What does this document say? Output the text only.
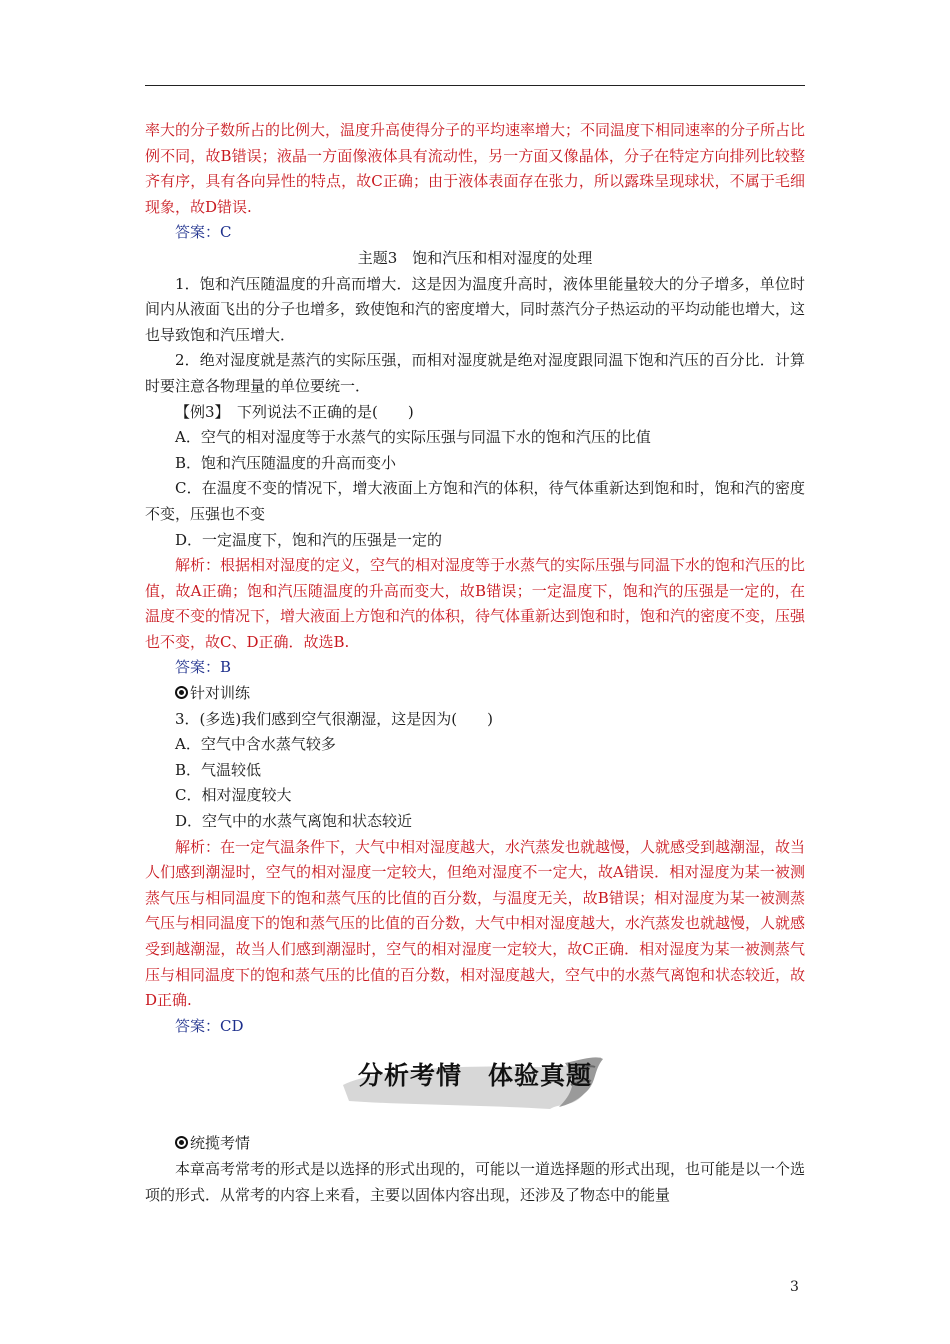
率大的分子数所占的比例大，温度升高使得分子的平均速率增大；不同温度下相同速率的分子所占比例不同，故B错误；液晶一方面像液体具有流动性，另一方面又像晶体，分子在特定方向排列比较整齐有序，具有各向异性的特点，故C正确；由于液体表面存在张力，所以露珠呈现球状，不属于毛细现象，故D错误.

答案：C

主题3　饱和汽压和相对湿度的处理

1．饱和汽压随温度的升高而增大．这是因为温度升高时，液体里能量较大的分子增多，单位时间内从液面飞出的分子也增多，致使饱和汽的密度增大，同时蒸汽分子热运动的平均动能也增大，这也导致饱和汽压增大．

2．绝对湿度就是蒸汽的实际压强，而相对湿度就是绝对湿度跟同温下饱和汽压的百分比．计算时要注意各物理量的单位要统一．

【例3】　下列说法不正确的是(　　)

A．空气的相对湿度等于水蒸气的实际压强与同温下水的饱和汽压的比值

B．饱和汽压随温度的升高而变小

C．在温度不变的情况下，增大液面上方饱和汽的体积，待气体重新达到饱和时，饱和汽的密度不变，压强也不变

D．一定温度下，饱和汽的压强是一定的

解析：根据相对湿度的定义，空气的相对湿度等于水蒸气的实际压强与同温下水的饱和汽压的比值，故A正确；饱和汽压随温度的升高而变大，故B错误；一定温度下，饱和汽的压强是一定的，在温度不变的情况下，增大液面上方饱和汽的体积，待气体重新达到饱和时，饱和汽的密度不变，压强也不变，故C、D正确．故选B.

答案：B

针对训练

3．(多选)我们感到空气很潮湿，这是因为(　　)

A．空气中含水蒸气较多

B．气温较低

C．相对湿度较大

D．空气中的水蒸气离饱和状态较近

解析：在一定气温条件下，大气中相对湿度越大，水汽蒸发也就越慢，人就感受到越潮湿，故当人们感到潮湿时，空气的相对湿度一定较大，但绝对湿度不一定大，故A错误．相对湿度为某一被测蒸气压与相同温度下的饱和蒸气压的比值的百分数，与温度无关，故B错误；相对湿度为某一被测蒸气压与相同温度下的饱和蒸气压的比值的百分数，大气中相对湿度越大，水汽蒸发也就越慢，人就感受到越潮湿，故当人们感到潮湿时，空气的相对湿度一定较大，故C正确．相对湿度为某一被测蒸气压与相同温度下的饱和蒸气压的比值的百分数，相对湿度越大，空气中的水蒸气离饱和状态较近，故D正确.

答案：CD

分析考情　体验真题

统揽考情

本章高考常考的形式是以选择的形式出现的，可能以一道选择题的形式出现，也可能是以一个选项的形式．从常考的内容上来看，主要以固体内容出现，还涉及了物态中的能量

3
